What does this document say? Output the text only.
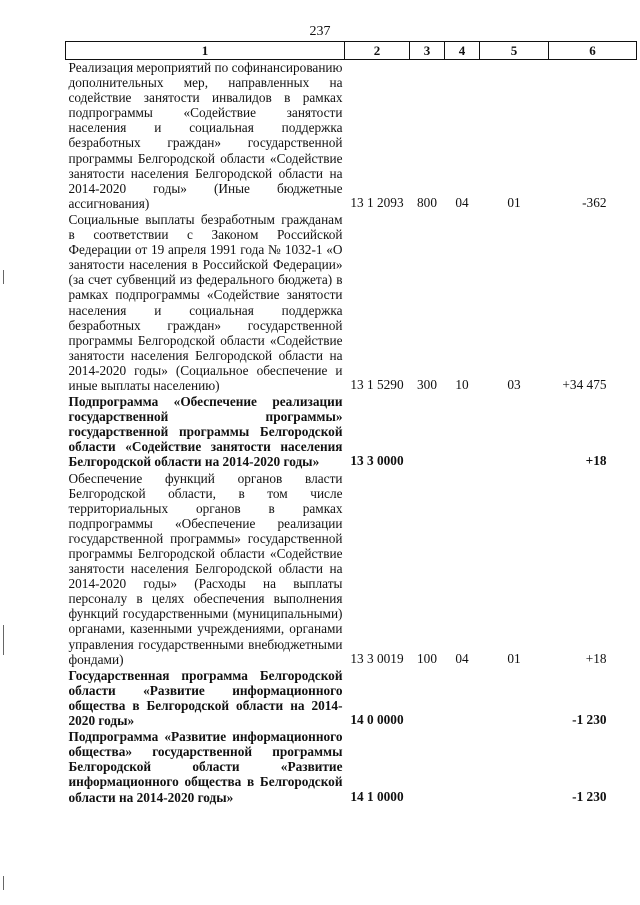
237
1	2	3	4	5	6
Реализация мероприятий по софинансированию дополнительных мер, направленных на содействие занятости инвалидов в рамках подпрограммы «Содействие занятости населения и социальная поддержка безработных граждан» государственной программы Белгородской области «Содействие занятости населения Белгородской области на 2014-2020 годы» (Иные бюджетные ассигнования)	13 1 2093	800	04	01	-362
Социальные выплаты безработным гражданам в соответствии с Законом Российской Федерации от 19 апреля 1991 года № 1032-1 «О занятости населения в Российской Федерации» (за счет субвенций из федерального бюджета) в рамках подпрограммы «Содействие занятости населения и социальная поддержка безработных граждан» государственной программы Белгородской области «Содействие занятости населения Белгородской области на 2014-2020 годы» (Социальное обеспечение и иные выплаты населению)	13 1 5290	300	10	03	+34 475
Подпрограмма «Обеспечение реализации государственной программы» государственной программы Белгородской области «Содействие занятости населения Белгородской области на 2014-2020 годы»	13 3 0000				+18
Обеспечение функций органов власти Белгородской области, в том числе территориальных органов в рамках подпрограммы «Обеспечение реализации государственной программы» государственной программы Белгородской области «Содействие занятости населения Белгородской области на 2014-2020 годы» (Расходы на выплаты персоналу в целях обеспечения выполнения функций государственными (муниципальными) органами, казенными учреждениями, органами управления государственными внебюджетными фондами)	13 3 0019	100	04	01	+18
Государственная программа Белгородской области «Развитие информационного общества в Белгородской области на 2014-2020 годы»	14 0 0000				-1 230
Подпрограмма «Развитие информационного общества» государственной программы Белгородской области «Развитие информационного общества в Белгородской области на 2014-2020 годы»	14 1 0000				-1 230
